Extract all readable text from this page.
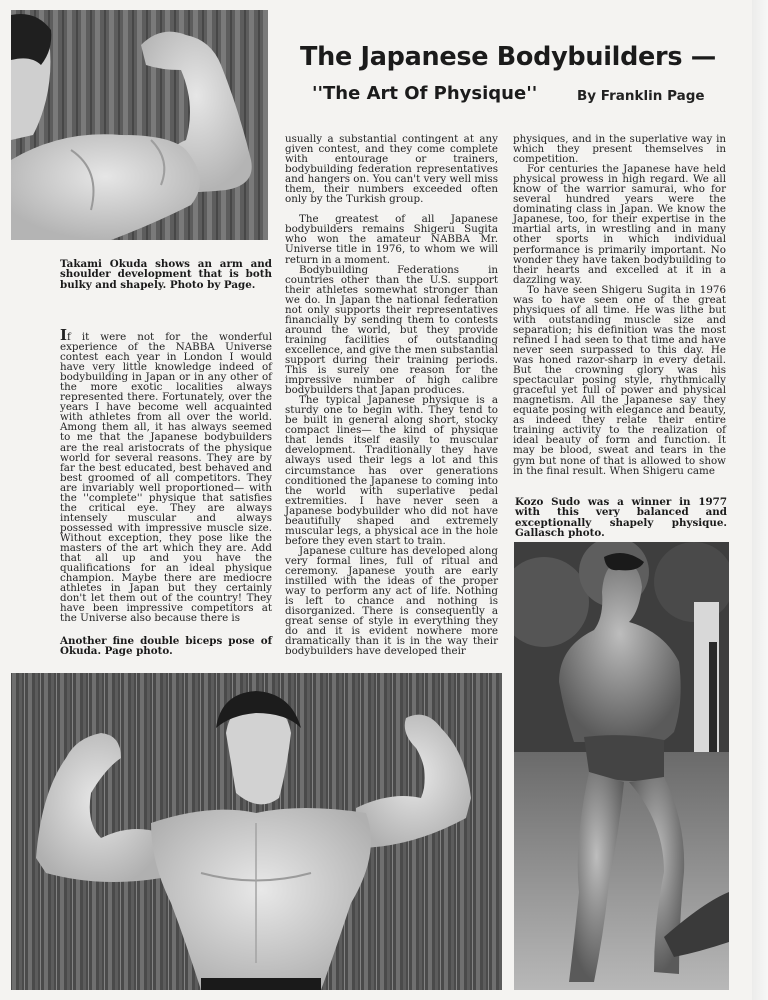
The Japanese Bodybuilders —
''The Art Of Physique''	By Franklin Page
Takami Okuda shows an arm and shoulder development that is both bulky and shapely. Photo by Page.

If it were not for the wonderful experience of the NABBA Universe contest each year in London I would have very little knowledge indeed of bodybuilding in Japan or in any other of the more exotic localities always represented there. Fortunately, over the years I have become well acquainted with athletes from all over the world. Among them all, it has always seemed to me that the Japanese bodybuilders are the real aristocrats of the physique world for several reasons. They are by far the best educated, best behaved and best groomed of all competitors. They are invariably well proportioned— with the ''complete'' physique that satisfies the critical eye. They are always intensely muscular and always possessed with impressive muscle size. Without exception, they pose like the masters of the art which they are. Add that all up and you have the qualifications for an ideal physique champion. Maybe there are mediocre athletes in Japan but they certainly don't let them out of the country! They have been impressive competitors at the Universe also because there is

Another fine double biceps pose of Okuda. Page photo.

usually a substantial contingent at any given contest, and they come complete with entourage or trainers, bodybuilding federation representatives and hangers on. You can't very well miss them, their numbers exceeded often only by the Turkish group.

The greatest of all Japanese bodybuilders remains Shigeru Sugita who won the amateur NABBA Mr. Universe title in 1976, to whom we will return in a moment.

Bodybuilding Federations in countries other than the U.S. support their athletes somewhat stronger than we do. In Japan the national federation not only supports their representatives financially by sending them to contests around the world, but they provide training facilities of outstanding excellence, and give the men substantial support during their training periods. This is surely one reason for the impressive number of high calibre bodybuilders that Japan produces.

The typical Japanese physique is a sturdy one to begin with. They tend to be built in general along short, stocky compact lines— the kind of physique that lends itself easily to muscular development. Traditionally they have always used their legs a lot and this circumstance has over generations conditioned the Japanese to coming into the world with superlative pedal extremities. I have never seen a Japanese bodybuilder who did not have beautifully shaped and extremely muscular legs, a physical ace in the hole before they even start to train.

Japanese culture has developed along very formal lines, full of ritual and ceremony. Japanese youth are early instilled with the ideas of the proper way to perform any act of life. Nothing is left to chance and nothing is disorganized. There is consequently a great sense of style in everything they do and it is evident nowhere more dramatically than it is in the way their bodybuilders have developed their

physiques, and in the superlative way in which they present themselves in competition.

For centuries the Japanese have held physical prowess in high regard. We all know of the warrior samurai, who for several hundred years were the dominating class in Japan. We know the Japanese, too, for their expertise in the martial arts, in wrestling and in many other sports in which individual performance is primarily important. No wonder they have taken bodybuilding to their hearts and excelled at it in a dazzling way.

To have seen Shigeru Sugita in 1976 was to have seen one of the great physiques of all time. He was lithe but with outstanding muscle size and separation; his definition was the most refined I had seen to that time and have never seen surpassed to this day. He was honed razor-sharp in every detail. But the crowning glory was his spectacular posing style, rhythmically graceful yet full of power and physical magnetism. All the Japanese say they equate posing with elegance and beauty, as indeed they relate their entire training activity to the realization of ideal beauty of form and function. It may be blood, sweat and tears in the gym but none of that is allowed to show in the final result. When Shigeru came

Kozo Sudo was a winner in 1977 with this very balanced and exceptionally shapely physique. Gallasch photo.
